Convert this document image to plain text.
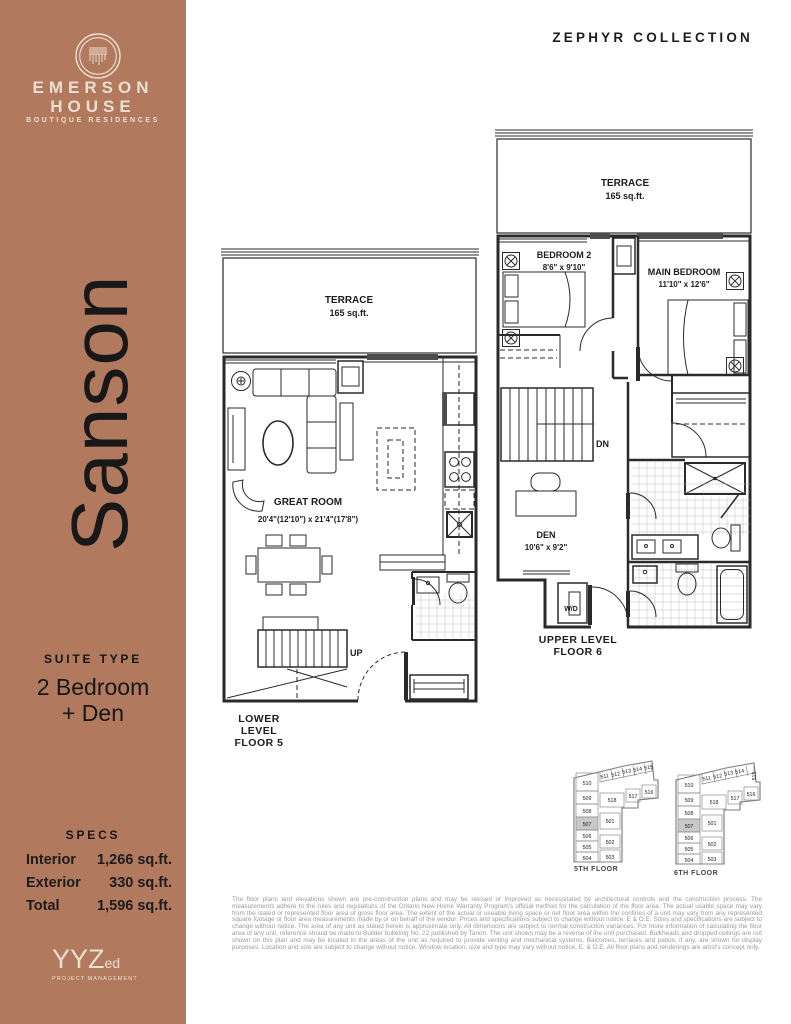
EMERSON
HOUSE
BOUTIQUE RESIDENCES
Sanson
SUITE TYPE
2 Bedroom
+ Den
SPECS
Interior 1,266 sq.ft.
Exterior 330 sq.ft.
Total	1,596 sq.ft.
YYZed
PROJECT MANAGEMENT
ZEPHYR COLLECTION
TERRACE
165 sq.ft.
GREAT ROOM
20'4"(12'10") x 21'4"(17'8")
UP
LOWER LEVEL
FLOOR 5
TERRACE
165 sq.ft.
BEDROOM 2
8'6" x 9'10"	MAIN BEDROOM
11'10" x 12'6"
DN
DEN
10'6" x 9'2"
W/D
UPPER LEVEL
FLOOR 6
510
509
508
507
506
505
504
501
502
503
518
517
516
511 512 513 514 515
5TH FLOOR
510
509
508
507
506
505
504
501
502
503
518
517
516
511 512 513 514 515
6TH FLOOR
The floor plans and elevations shown are pre-construction plans and may be revised or improved as necessitated by architectural controls and the construction process. The measurements adhere to the rules and regulations of the Ontario New Home Warranty Program's official method for the calculation of the floor area. The actual usable space may vary from the stated or represented floor area of gross floor area. The extent of the actual or useable living space or net floor area within the confines of a unit may vary from any represented square footage or floor area measurements made by or on behalf of the vendor. Prices and specifications subject to change without notice. E & O.E. Sizes and specifications are subject to change without notice. The area of any unit as stated herein is approximate only. All dimensions are subject to normal construction variances. For more information of calculating the floor area of any unit, reference should be made to Builder bulleting No. 22 published by Tarion. The unit shown may be a reverse of the unit purchased. Bulkheads and dropped ceilings are not shown on this plan and may be located in the areas of the unit as required to provide venting and mechanical systems. Balconies, terraces and patios, if any, are shown for display purposes. Location and size are subject to change without notice. Window location, size and type may vary without notice. E. & O.E. All floor plans and renderings are artist's concept only.
